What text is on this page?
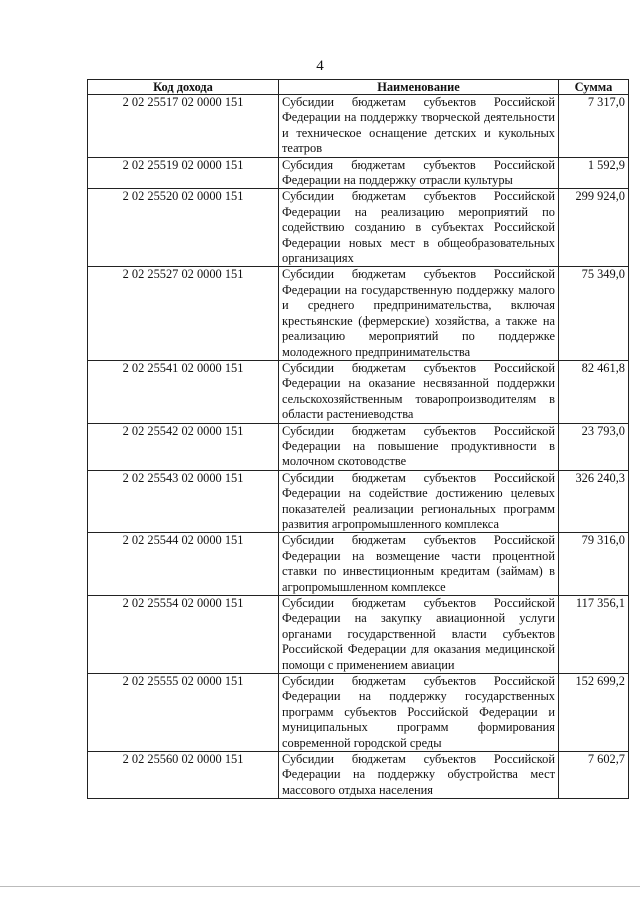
4
Код дохода	Наименование	Сумма
2 02 25517 02 0000 151	Субсидии бюджетам субъектов Российской Федерации на поддержку творческой деятельности и техническое оснащение детских и кукольных театров	7 317,0
2 02 25519 02 0000 151	Субсидия бюджетам субъектов Российской Федерации на поддержку отрасли культуры	1 592,9
2 02 25520 02 0000 151	Субсидии бюджетам субъектов Российской Федерации на реализацию мероприятий по содействию созданию в субъектах Российской Федерации новых мест в общеобразовательных организациях	299 924,0
2 02 25527 02 0000 151	Субсидии бюджетам субъектов Российской Федерации на государственную поддержку малого и среднего предпринимательства, включая крестьянские (фермерские) хозяйства, а также на реализацию мероприятий по поддержке молодежного предпринимательства	75 349,0
2 02 25541 02 0000 151	Субсидии бюджетам субъектов Российской Федерации на оказание несвязанной поддержки сельскохозяйственным товаропроизводителям в области растениеводства	82 461,8
2 02 25542 02 0000 151	Субсидии бюджетам субъектов Российской Федерации на повышение продуктивности в молочном скотоводстве	23 793,0
2 02 25543 02 0000 151	Субсидии бюджетам субъектов Российской Федерации на содействие достижению целевых показателей реализации региональных программ развития агропромышленного комплекса	326 240,3
2 02 25544 02 0000 151	Субсидии бюджетам субъектов Российской Федерации на возмещение части процентной ставки по инвестиционным кредитам (займам) в агропромышленном комплексе	79 316,0
2 02 25554 02 0000 151	Субсидии бюджетам субъектов Российской Федерации на закупку авиационной услуги органами государственной власти субъектов Российской Федерации для оказания медицинской помощи с применением авиации	117 356,1
2 02 25555 02 0000 151	Субсидии бюджетам субъектов Российской Федерации на поддержку государственных программ субъектов Российской Федерации и муниципальных программ формирования современной городской среды	152 699,2
2 02 25560 02 0000 151	Субсидии бюджетам субъектов Российской Федерации на поддержку обустройства мест массового отдыха населения	7 602,7
